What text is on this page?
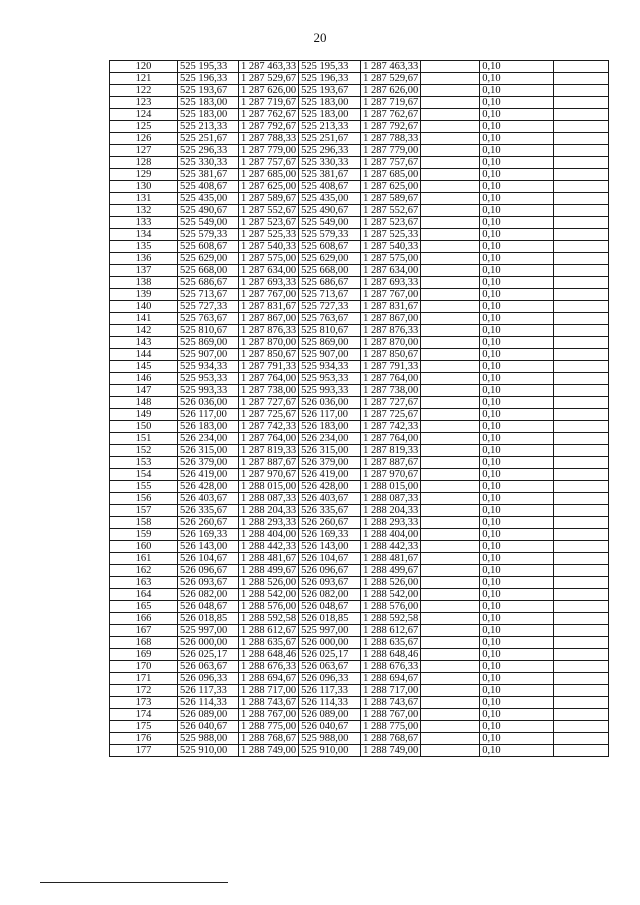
20
120	525 195,33	1 287 463,33	525 195,33	1 287 463,33		0,10	
121	525 196,33	1 287 529,67	525 196,33	1 287 529,67		0,10	
122	525 193,67	1 287 626,00	525 193,67	1 287 626,00		0,10	
123	525 183,00	1 287 719,67	525 183,00	1 287 719,67		0,10	
124	525 183,00	1 287 762,67	525 183,00	1 287 762,67		0,10	
125	525 213,33	1 287 792,67	525 213,33	1 287 792,67		0,10	
126	525 251,67	1 287 788,33	525 251,67	1 287 788,33		0,10	
127	525 296,33	1 287 779,00	525 296,33	1 287 779,00		0,10	
128	525 330,33	1 287 757,67	525 330,33	1 287 757,67		0,10	
129	525 381,67	1 287 685,00	525 381,67	1 287 685,00		0,10	
130	525 408,67	1 287 625,00	525 408,67	1 287 625,00		0,10	
131	525 435,00	1 287 589,67	525 435,00	1 287 589,67		0,10	
132	525 490,67	1 287 552,67	525 490,67	1 287 552,67		0,10	
133	525 549,00	1 287 523,67	525 549,00	1 287 523,67		0,10	
134	525 579,33	1 287 525,33	525 579,33	1 287 525,33		0,10	
135	525 608,67	1 287 540,33	525 608,67	1 287 540,33		0,10	
136	525 629,00	1 287 575,00	525 629,00	1 287 575,00		0,10	
137	525 668,00	1 287 634,00	525 668,00	1 287 634,00		0,10	
138	525 686,67	1 287 693,33	525 686,67	1 287 693,33		0,10	
139	525 713,67	1 287 767,00	525 713,67	1 287 767,00		0,10	
140	525 727,33	1 287 831,67	525 727,33	1 287 831,67		0,10	
141	525 763,67	1 287 867,00	525 763,67	1 287 867,00		0,10	
142	525 810,67	1 287 876,33	525 810,67	1 287 876,33		0,10	
143	525 869,00	1 287 870,00	525 869,00	1 287 870,00		0,10	
144	525 907,00	1 287 850,67	525 907,00	1 287 850,67		0,10	
145	525 934,33	1 287 791,33	525 934,33	1 287 791,33		0,10	
146	525 953,33	1 287 764,00	525 953,33	1 287 764,00		0,10	
147	525 993,33	1 287 738,00	525 993,33	1 287 738,00		0,10	
148	526 036,00	1 287 727,67	526 036,00	1 287 727,67		0,10	
149	526 117,00	1 287 725,67	526 117,00	1 287 725,67		0,10	
150	526 183,00	1 287 742,33	526 183,00	1 287 742,33		0,10	
151	526 234,00	1 287 764,00	526 234,00	1 287 764,00		0,10	
152	526 315,00	1 287 819,33	526 315,00	1 287 819,33		0,10	
153	526 379,00	1 287 887,67	526 379,00	1 287 887,67		0,10	
154	526 419,00	1 287 970,67	526 419,00	1 287 970,67		0,10	
155	526 428,00	1 288 015,00	526 428,00	1 288 015,00		0,10	
156	526 403,67	1 288 087,33	526 403,67	1 288 087,33		0,10	
157	526 335,67	1 288 204,33	526 335,67	1 288 204,33		0,10	
158	526 260,67	1 288 293,33	526 260,67	1 288 293,33		0,10	
159	526 169,33	1 288 404,00	526 169,33	1 288 404,00		0,10	
160	526 143,00	1 288 442,33	526 143,00	1 288 442,33		0,10	
161	526 104,67	1 288 481,67	526 104,67	1 288 481,67		0,10	
162	526 096,67	1 288 499,67	526 096,67	1 288 499,67		0,10	
163	526 093,67	1 288 526,00	526 093,67	1 288 526,00		0,10	
164	526 082,00	1 288 542,00	526 082,00	1 288 542,00		0,10	
165	526 048,67	1 288 576,00	526 048,67	1 288 576,00		0,10	
166	526 018,85	1 288 592,58	526 018,85	1 288 592,58		0,10	
167	525 997,00	1 288 612,67	525 997,00	1 288 612,67		0,10	
168	526 000,00	1 288 635,67	526 000,00	1 288 635,67		0,10	
169	526 025,17	1 288 648,46	526 025,17	1 288 648,46		0,10	
170	526 063,67	1 288 676,33	526 063,67	1 288 676,33		0,10	
171	526 096,33	1 288 694,67	526 096,33	1 288 694,67		0,10	
172	526 117,33	1 288 717,00	526 117,33	1 288 717,00		0,10	
173	526 114,33	1 288 743,67	526 114,33	1 288 743,67		0,10	
174	526 089,00	1 288 767,00	526 089,00	1 288 767,00		0,10	
175	526 040,67	1 288 775,00	526 040,67	1 288 775,00		0,10	
176	525 988,00	1 288 768,67	525 988,00	1 288 768,67		0,10	
177	525 910,00	1 288 749,00	525 910,00	1 288 749,00		0,10	
